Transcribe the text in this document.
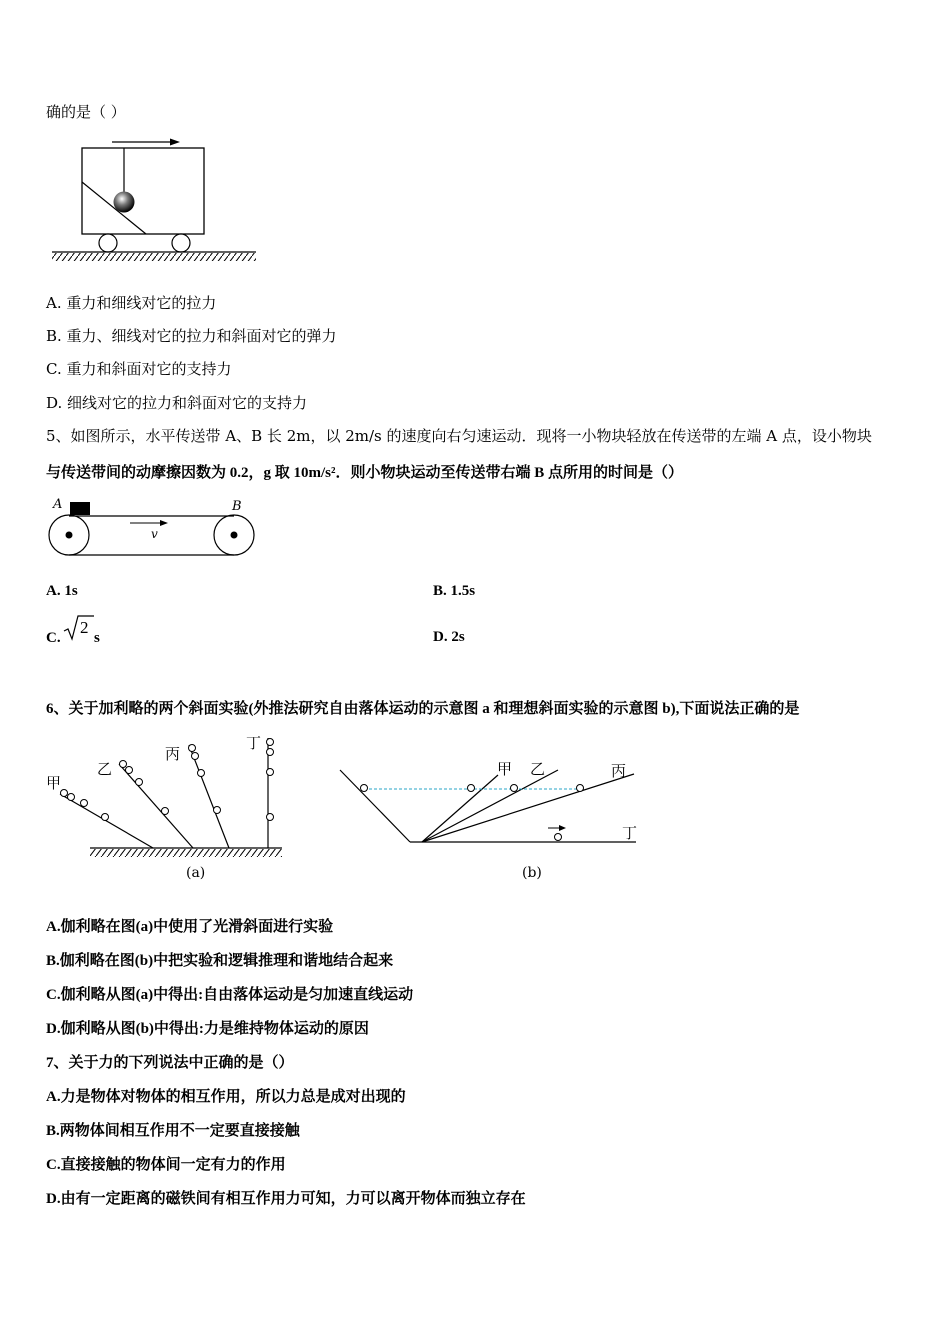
确的是（ ）
A. 重力和细线对它的拉力
B. 重力、细线对它的拉力和斜面对它的弹力
C. 重力和斜面对它的支持力
D. 细线对它的拉力和斜面对它的支持力
5、如图所示，水平传送带 A、B 长 2m，以 2m/s 的速度向右匀速运动．现将一小物块轻放在传送带的左端 A 点，设小物块
与传送带间的动摩擦因数为 0.2，g 取 10m/s²．则小物块运动至传送带右端 B 点所用的时间是（）
A	B
v
A. 1s	B. 1.5s
C.
2
s	D. 2s
6、关于加利略的两个斜面实验(外推法研究自由落体运动的示意图 a 和理想斜面实验的示意图 b),下面说法正确的是
甲
乙
丙
丁
(a)
甲 乙	丙
丁
(b)
A.伽利略在图(a)中使用了光滑斜面进行实验
B.伽利略在图(b)中把实验和逻辑推理和谐地结合起来
C.伽利略从图(a)中得出:自由落体运动是匀加速直线运动
D.伽利略从图(b)中得出:力是维持物体运动的原因
7、关于力的下列说法中正确的是（）
A.力是物体对物体的相互作用，所以力总是成对出现的
B.两物体间相互作用不一定要直接接触
C.直接接触的物体间一定有力的作用
D.由有一定距离的磁铁间有相互作用力可知，力可以离开物体而独立存在
